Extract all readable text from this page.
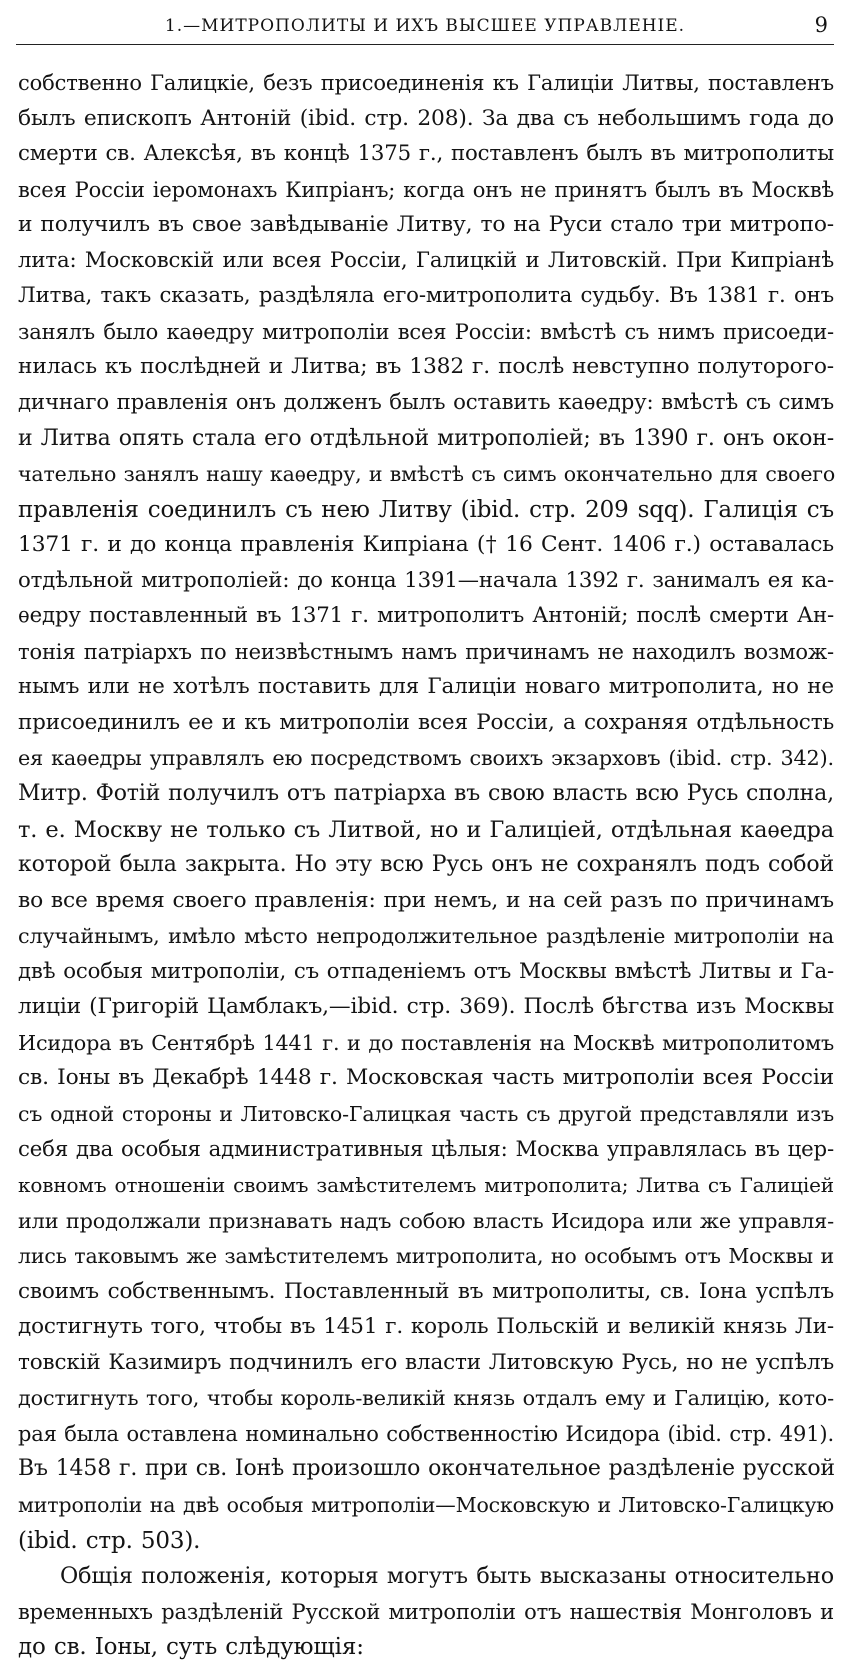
1.—МИТРОПОЛИТЫ И ИХЪ ВЫСШЕЕ УПРАВЛЕНІЕ.	9
собственно Галицкіе, безъ присоединенія къ Галиціи Литвы, поставленъ
былъ епископъ Антоній (ibid. стр. 208). За два съ небольшимъ года до
смерти св. Алексѣя, въ концѣ 1375 г., поставленъ былъ въ митрополиты
всея Россіи іеромонахъ Кипріанъ; когда онъ не принятъ былъ въ Москвѣ
и получилъ въ свое завѣдываніе Литву, то на Руси стало три митропо-
лита: Московскій или всея Россіи, Галицкій и Литовскій. При Кипріанѣ
Литва, такъ сказать, раздѣляла его-митрополита судьбу. Въ 1381 г. онъ
занялъ было каѳедру митрополіи всея Россіи: вмѣстѣ съ нимъ присоеди-
нилась къ послѣдней и Литва; въ 1382 г. послѣ невступно полуторого-
дичнаго правленія онъ долженъ былъ оставить каѳедру: вмѣстѣ съ симъ
и Литва опять стала его отдѣльной митрополіей; въ 1390 г. онъ окон-
чательно занялъ нашу каѳедру, и вмѣстѣ съ симъ окончательно для своего
правленія соединилъ съ нею Литву (ibid. стр. 209 sqq). Галиція съ
1371 г. и до конца правленія Кипріана († 16 Сент. 1406 г.) оставалась
отдѣльной митрополіей: до конца 1391—начала 1392 г. занималъ ея ка-
ѳедру поставленный въ 1371 г. митрополитъ Антоній; послѣ смерти Ан-
тонія патріархъ по неизвѣстнымъ намъ причинамъ не находилъ возмож-
нымъ или не хотѣлъ поставить для Галиціи новаго митрополита, но не
присоединилъ ее и къ митрополіи всея Россіи, а сохраняя отдѣльность
ея каѳедры управлялъ ею посредствомъ своихъ экзарховъ (ibid. стр. 342).
Митр. Фотій получилъ отъ патріарха въ свою власть всю Русь сполна,
т. е. Москву не только съ Литвой, но и Галиціей, отдѣльная каѳедра
которой была закрыта. Но эту всю Русь онъ не сохранялъ подъ собой
во все время своего правленія: при немъ, и на сей разъ по причинамъ
случайнымъ, имѣло мѣсто непродолжительное раздѣленіе митрополіи на
двѣ особыя митрополіи, съ отпаденіемъ отъ Москвы вмѣстѣ Литвы и Га-
лиціи (Григорій Цамблакъ,—ibid. стр. 369). Послѣ бѣгства изъ Москвы
Исидора въ Сентябрѣ 1441 г. и до поставленія на Москвѣ митрополитомъ
св. Іоны въ Декабрѣ 1448 г. Московская часть митрополіи всея Россіи
съ одной стороны и Литовско-Галицкая часть съ другой представляли изъ
себя два особыя административныя цѣлыя: Москва управлялась въ цер-
ковномъ отношеніи своимъ замѣстителемъ митрополита; Литва съ Галиціей
или продолжали признавать надъ собою власть Исидора или же управля-
лись таковымъ же замѣстителемъ митрополита, но особымъ отъ Москвы и
своимъ собственнымъ. Поставленный въ митрополиты, св. Іона успѣлъ
достигнуть того, чтобы въ 1451 г. король Польскій и великій князь Ли-
товскій Казимиръ подчинилъ его власти Литовскую Русь, но не успѣлъ
достигнуть того, чтобы король-великій князь отдалъ ему и Галицію, кото-
рая была оставлена номинально собственностію Исидора (ibid. стр. 491).
Въ 1458 г. при св. Іонѣ произошло окончательное раздѣленіе русской
митрополіи на двѣ особыя митрополіи—Московскую и Литовско-Галицкую
(ibid. стр. 503).
Общія положенія, которыя могутъ быть высказаны относительно
временныхъ раздѣленій Русской митрополіи отъ нашествія Монголовъ и
до св. Іоны, суть слѣдующія:
